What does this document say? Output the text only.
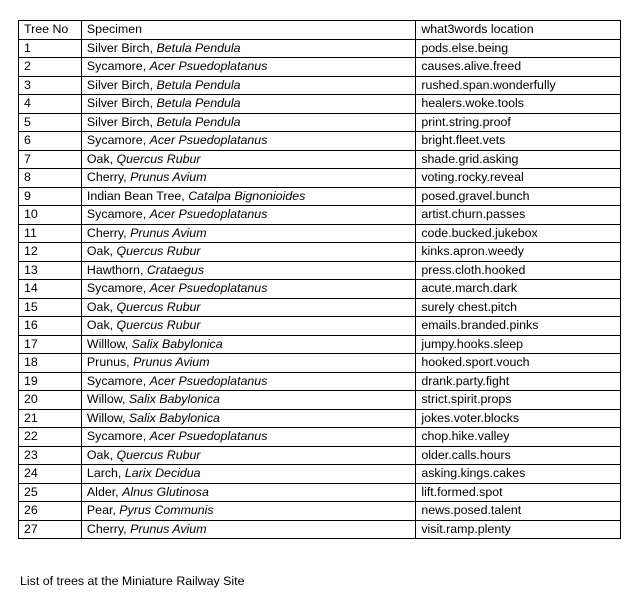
Tree No	Specimen	what3words location
1	Silver Birch, Betula Pendula	pods.else.being
2	Sycamore, Acer Psuedoplatanus	causes.alive.freed
3	Silver Birch, Betula Pendula	rushed.span.wonderfully
4	Silver Birch, Betula Pendula	healers.woke.tools
5	Silver Birch, Betula Pendula	print.string.proof
6	Sycamore, Acer Psuedoplatanus	bright.fleet.vets
7	Oak, Quercus Rubur	shade.grid.asking
8	Cherry, Prunus Avium	voting.rocky.reveal
9	Indian Bean Tree, Catalpa Bignonioides	posed.gravel.bunch
10	Sycamore, Acer Psuedoplatanus	artist.churn.passes
11	Cherry, Prunus Avium	code.bucked.jukebox
12	Oak, Quercus Rubur	kinks.apron.weedy
13	Hawthorn, Crataegus	press.cloth.hooked
14	Sycamore, Acer Psuedoplatanus	acute.march.dark
15	Oak, Quercus Rubur	surely chest.pitch
16	Oak, Quercus Rubur	emails.branded.pinks
17	Willlow, Salix Babylonica	jumpy.hooks.sleep
18	Prunus, Prunus Avium	hooked.sport.vouch
19	Sycamore, Acer Psuedoplatanus	drank.party.fight
20	Willow, Salix Babylonica	strict.spirit.props
21	Willow, Salix Babylonica	jokes.voter.blocks
22	Sycamore, Acer Psuedoplatanus	chop.hike.valley
23	Oak, Quercus Rubur	older.calls.hours
24	Larch, Larix Decidua	asking.kings.cakes
25	Alder, Alnus Glutinosa	lift.formed.spot
26	Pear, Pyrus Communis	news.posed.talent
27	Cherry, Prunus Avium	visit.ramp.plenty
List of trees at the Miniature Railway Site
